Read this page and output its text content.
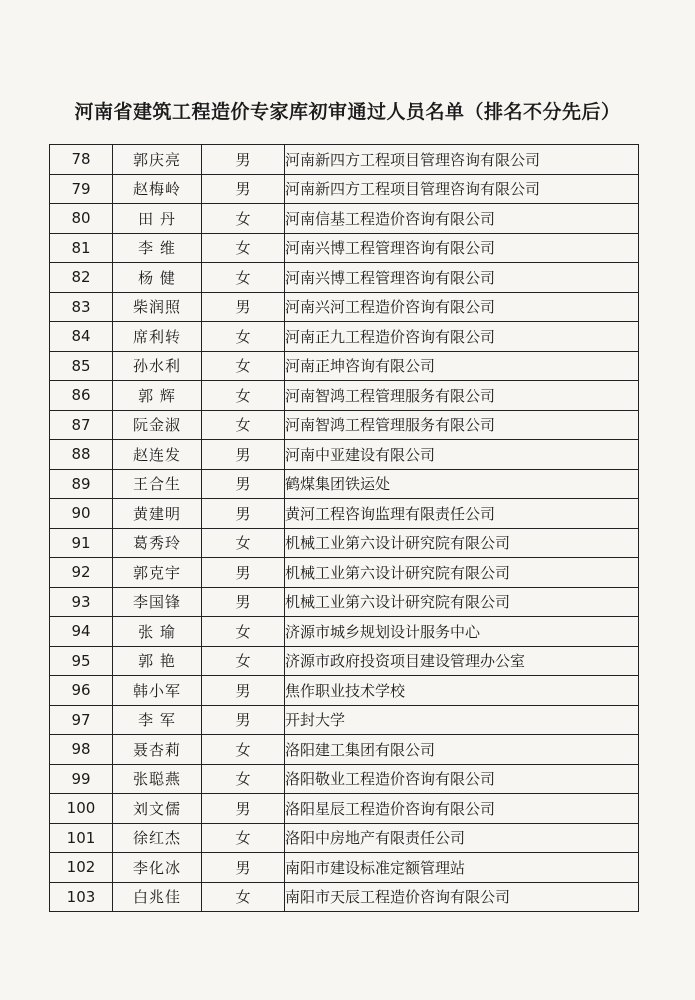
河南省建筑工程造价专家库初审通过人员名单（排名不分先后）
78	郭庆亮	男	河南新四方工程项目管理咨询有限公司
79	赵梅岭	男	河南新四方工程项目管理咨询有限公司
80	田 丹	女	河南信基工程造价咨询有限公司
81	李 维	女	河南兴博工程管理咨询有限公司
82	杨 健	女	河南兴博工程管理咨询有限公司
83	柴润照	男	河南兴河工程造价咨询有限公司
84	席利转	女	河南正九工程造价咨询有限公司
85	孙水利	女	河南正坤咨询有限公司
86	郭 辉	女	河南智鸿工程管理服务有限公司
87	阮金淑	女	河南智鸿工程管理服务有限公司
88	赵连发	男	河南中亚建设有限公司
89	王合生	男	鹤煤集团铁运处
90	黄建明	男	黄河工程咨询监理有限责任公司
91	葛秀玲	女	机械工业第六设计研究院有限公司
92	郭克宇	男	机械工业第六设计研究院有限公司
93	李国锋	男	机械工业第六设计研究院有限公司
94	张 瑜	女	济源市城乡规划设计服务中心
95	郭 艳	女	济源市政府投资项目建设管理办公室
96	韩小军	男	焦作职业技术学校
97	李 军	男	开封大学
98	聂杏莉	女	洛阳建工集团有限公司
99	张聪燕	女	洛阳敬业工程造价咨询有限公司
100	刘文儒	男	洛阳星辰工程造价咨询有限公司
101	徐红杰	女	洛阳中房地产有限责任公司
102	李化冰	男	南阳市建设标准定额管理站
103	白兆佳	女	南阳市天辰工程造价咨询有限公司
